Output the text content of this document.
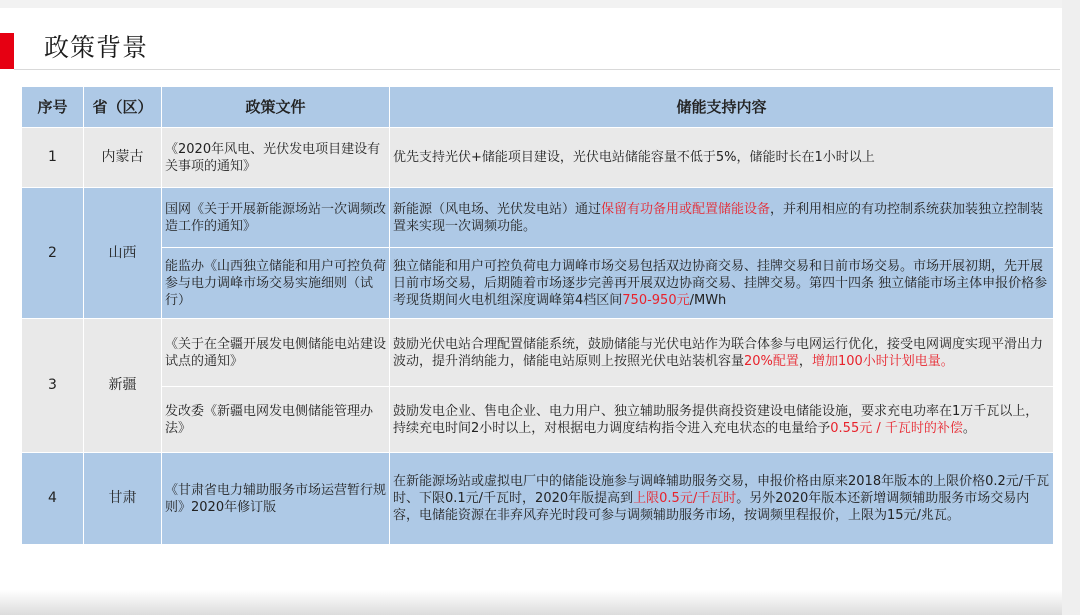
政策背景
序号	省（区）	政策文件	储能支持内容
1	内蒙古	《2020年风电、光伏发电项目建设有关事项的通知》	优先支持光伏+储能项目建设，光伏电站储能容量不低于5%，储能时长在1小时以上
2	山西	国网《关于开展新能源场站一次调频改造工作的通知》	新能源（风电场、光伏发电站）通过保留有功备用或配置储能设备，并利用相应的有功控制系统获加装独立控制装置来实现一次调频功能。
		能监办《山西独立储能和用户可控负荷参与电力调峰市场交易实施细则（试行）	独立储能和用户可控负荷电力调峰市场交易包括双边协商交易、挂牌交易和日前市场交易。市场开展初期，先开展日前市场交易，后期随着市场逐步完善再开展双边协商交易、挂牌交易。第四十四条 独立储能市场主体申报价格参考现货期间火电机组深度调峰第4档区间750-950元/MWh
3	新疆	《关于在全疆开展发电侧储能电站建设试点的通知》	鼓励光伏电站合理配置储能系统，鼓励储能与光伏电站作为联合体参与电网运行优化，接受电网调度实现平滑出力波动，提升消纳能力，储能电站原则上按照光伏电站装机容量20%配置，增加100小时计划电量。
		发改委《新疆电网发电侧储能管理办法》	鼓励发电企业、售电企业、电力用户、独立辅助服务提供商投资建设电储能设施，要求充电功率在1万千瓦以上，持续充电时间2小时以上，对根据电力调度结构指令进入充电状态的电量给予0.55元 / 千瓦时的补偿。
4	甘肃	《甘肃省电力辅助服务市场运营暂行规则》2020年修订版	在新能源场站或虚拟电厂中的储能设施参与调峰辅助服务交易，申报价格由原来2018年版本的上限价格0.2元/千瓦时、下限0.1元/千瓦时，2020年版提高到上限0.5元/千瓦时。另外2020年版本还新增调频辅助服务市场交易内容，电储能资源在非弃风弃光时段可参与调频辅助服务市场，按调频里程报价，上限为15元/兆瓦。
